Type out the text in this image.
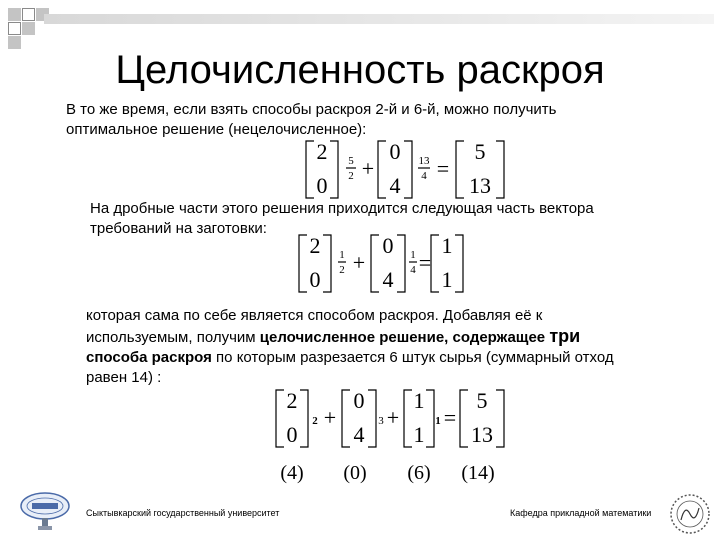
Целочисленность раскроя
В то же время, если взять способы раскроя 2-й и 6-й, можно получить оптимальное решение (нецелочисленное):
2
0
5
2 +
0
4
13
4 =
5
13
На дробные части этого решения приходится следующая часть вектора требований на заготовки:
2
0
1
2 +
0
4
1
4 =
1
1
которая сама по себе является способом раскроя. Добавляя её к используемым, получим целочисленное решение, содержащее три способа раскроя по которым разрезается 6 штук сырья (суммарный отход равен 14) :
2
0
2 +
0
4
3 +
1
1
1 =
5
13
(4) (0) (6) (14)
Сыктывкарский государственный университет	Кафедра прикладной математики
